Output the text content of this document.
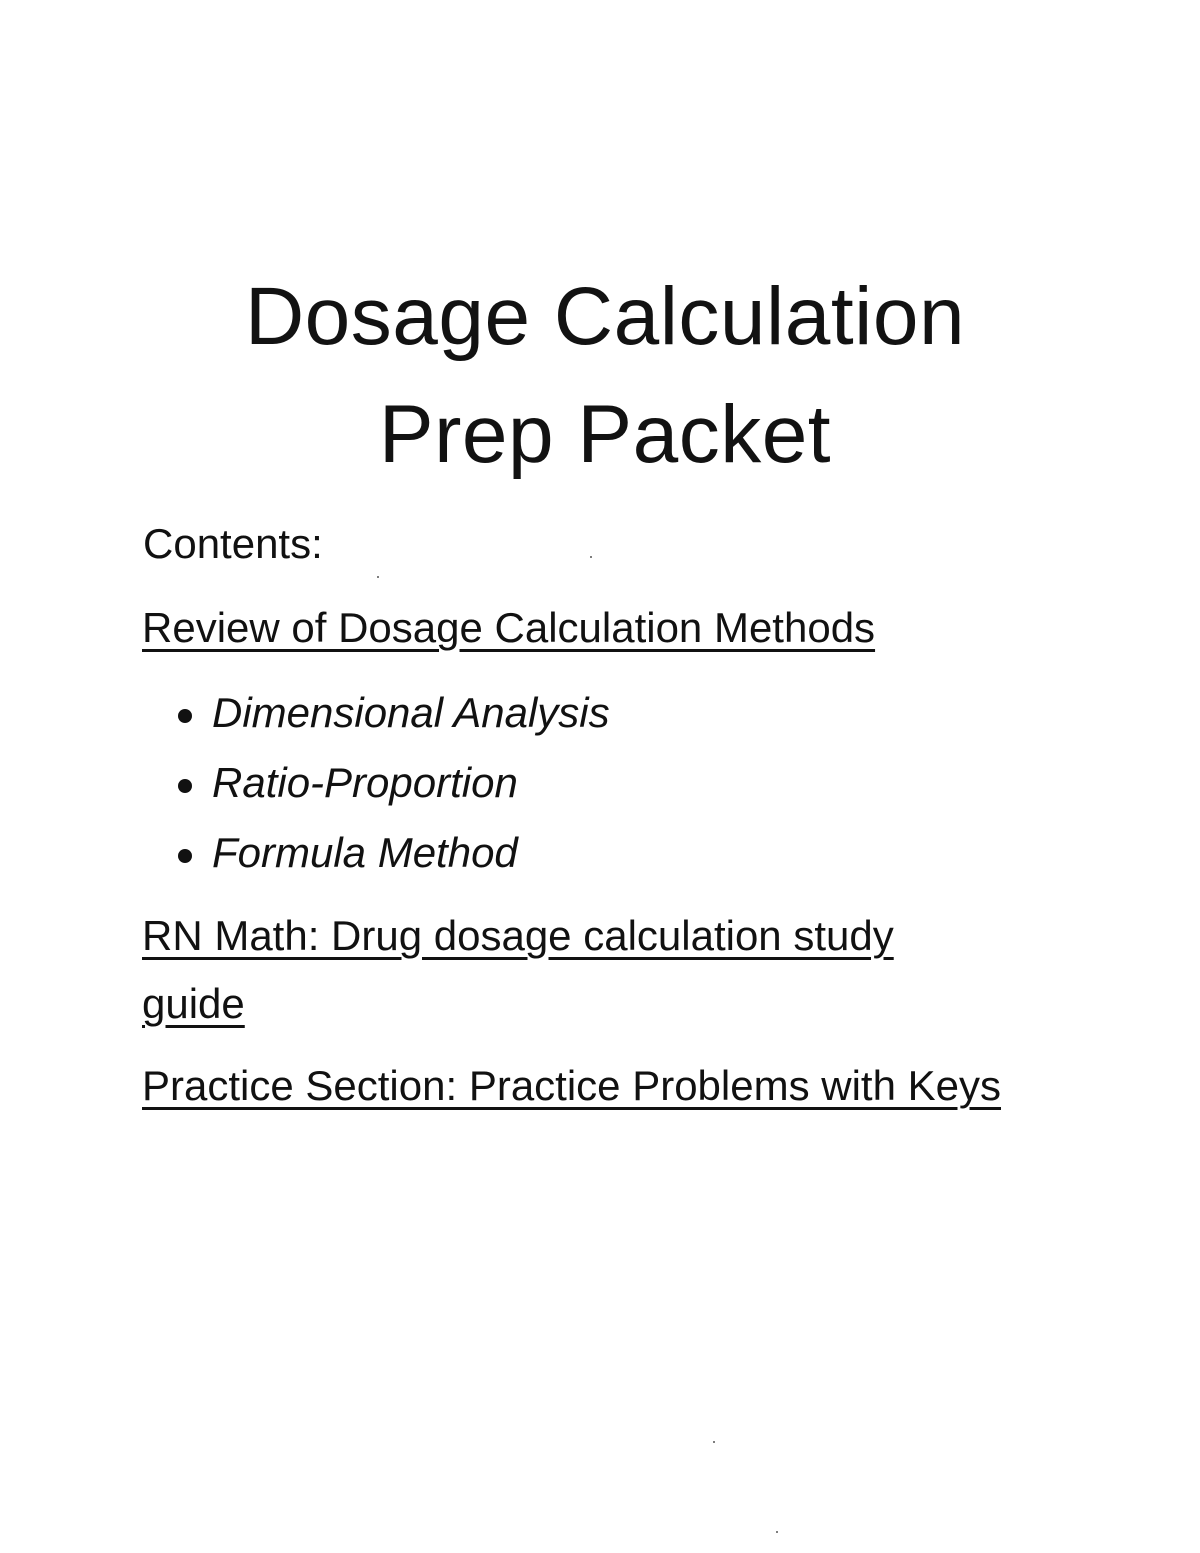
Dosage Calculation
Prep Packet
Contents:
Review of Dosage Calculation Methods
Dimensional Analysis
Ratio-Proportion
Formula Method
RN Math: Drug dosage calculation study guide
Practice Section: Practice Problems with Keys
